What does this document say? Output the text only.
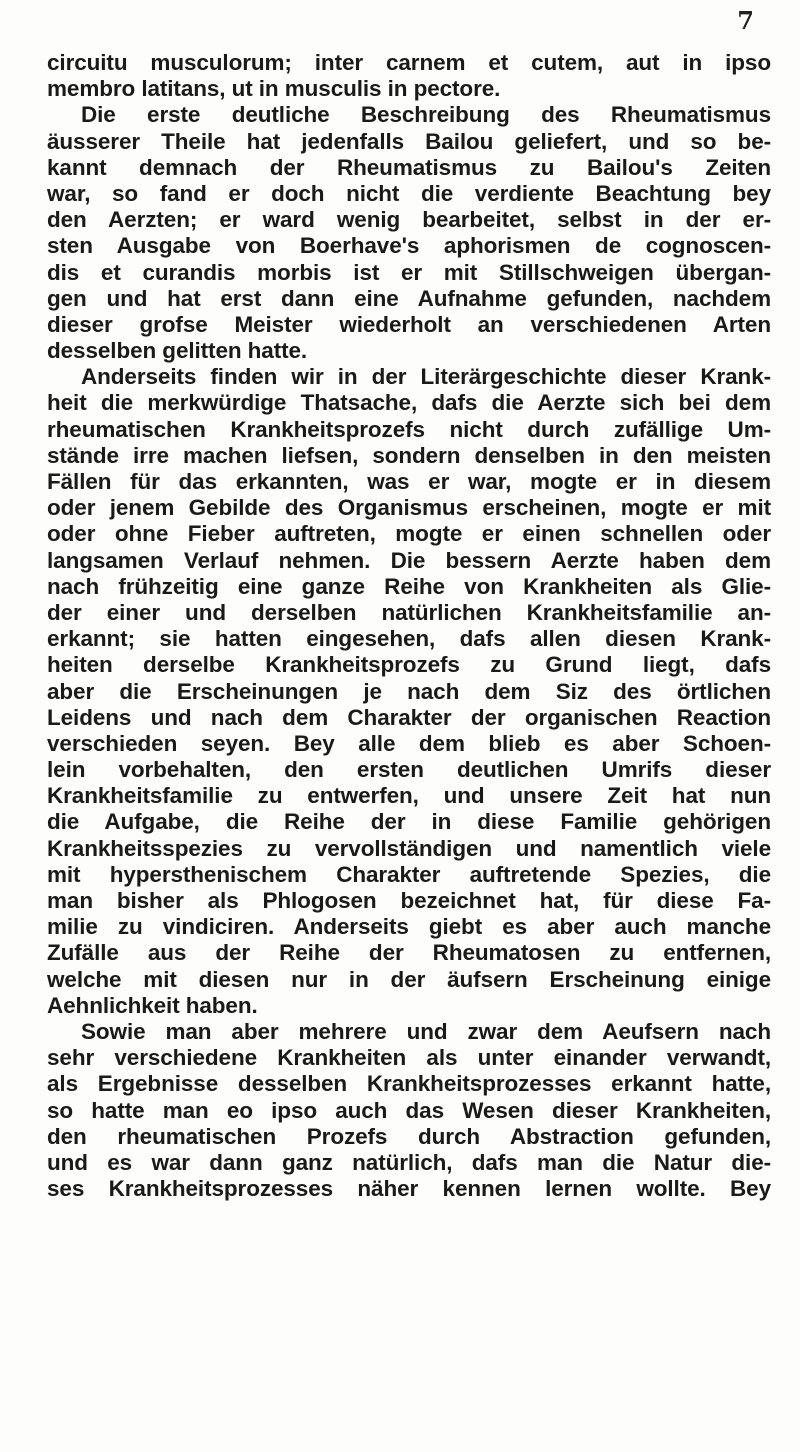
7
circuitu musculorum; inter carnem et cutem, aut in ipso
membro latitans, ut in musculis in pectore.
Die erste deutliche Beschreibung des Rheumatismus
äusserer Theile hat jedenfalls Bailou geliefert, und so be-
kannt demnach der Rheumatismus zu Bailou's Zeiten
war, so fand er doch nicht die verdiente Beachtung bey
den Aerzten; er ward wenig bearbeitet, selbst in der er-
sten Ausgabe von Boerhave's aphorismen de cognoscen-
dis et curandis morbis ist er mit Stillschweigen übergan-
gen und hat erst dann eine Aufnahme gefunden, nachdem
dieser grofse Meister wiederholt an verschiedenen Arten
desselben gelitten hatte.
Anderseits finden wir in der Literärgeschichte dieser Krank-
heit die merkwürdige Thatsache, dafs die Aerzte sich bei dem
rheumatischen Krankheitsprozefs nicht durch zufällige Um-
stände irre machen liefsen, sondern denselben in den meisten
Fällen für das erkannten, was er war, mogte er in diesem
oder jenem Gebilde des Organismus erscheinen, mogte er mit
oder ohne Fieber auftreten, mogte er einen schnellen oder
langsamen Verlauf nehmen. Die bessern Aerzte haben dem
nach frühzeitig eine ganze Reihe von Krankheiten als Glie-
der einer und derselben natürlichen Krankheitsfamilie an-
erkannt; sie hatten eingesehen, dafs allen diesen Krank-
heiten derselbe Krankheitsprozefs zu Grund liegt, dafs
aber die Erscheinungen je nach dem Siz des örtlichen
Leidens und nach dem Charakter der organischen Reaction
verschieden seyen. Bey alle dem blieb es aber Schoen-
lein vorbehalten, den ersten deutlichen Umrifs dieser
Krankheitsfamilie zu entwerfen, und unsere Zeit hat nun
die Aufgabe, die Reihe der in diese Familie gehörigen
Krankheitsspezies zu vervollständigen und namentlich viele
mit hypersthenischem Charakter auftretende Spezies, die
man bisher als Phlogosen bezeichnet hat, für diese Fa-
milie zu vindiciren. Anderseits giebt es aber auch manche
Zufälle aus der Reihe der Rheumatosen zu entfernen,
welche mit diesen nur in der äufsern Erscheinung einige
Aehnlichkeit haben.
Sowie man aber mehrere und zwar dem Aeufsern nach
sehr verschiedene Krankheiten als unter einander verwandt,
als Ergebnisse desselben Krankheitsprozesses erkannt hatte,
so hatte man eo ipso auch das Wesen dieser Krankheiten,
den rheumatischen Prozefs durch Abstraction gefunden,
und es war dann ganz natürlich, dafs man die Natur die-
ses Krankheitsprozesses näher kennen lernen wollte. Bey
